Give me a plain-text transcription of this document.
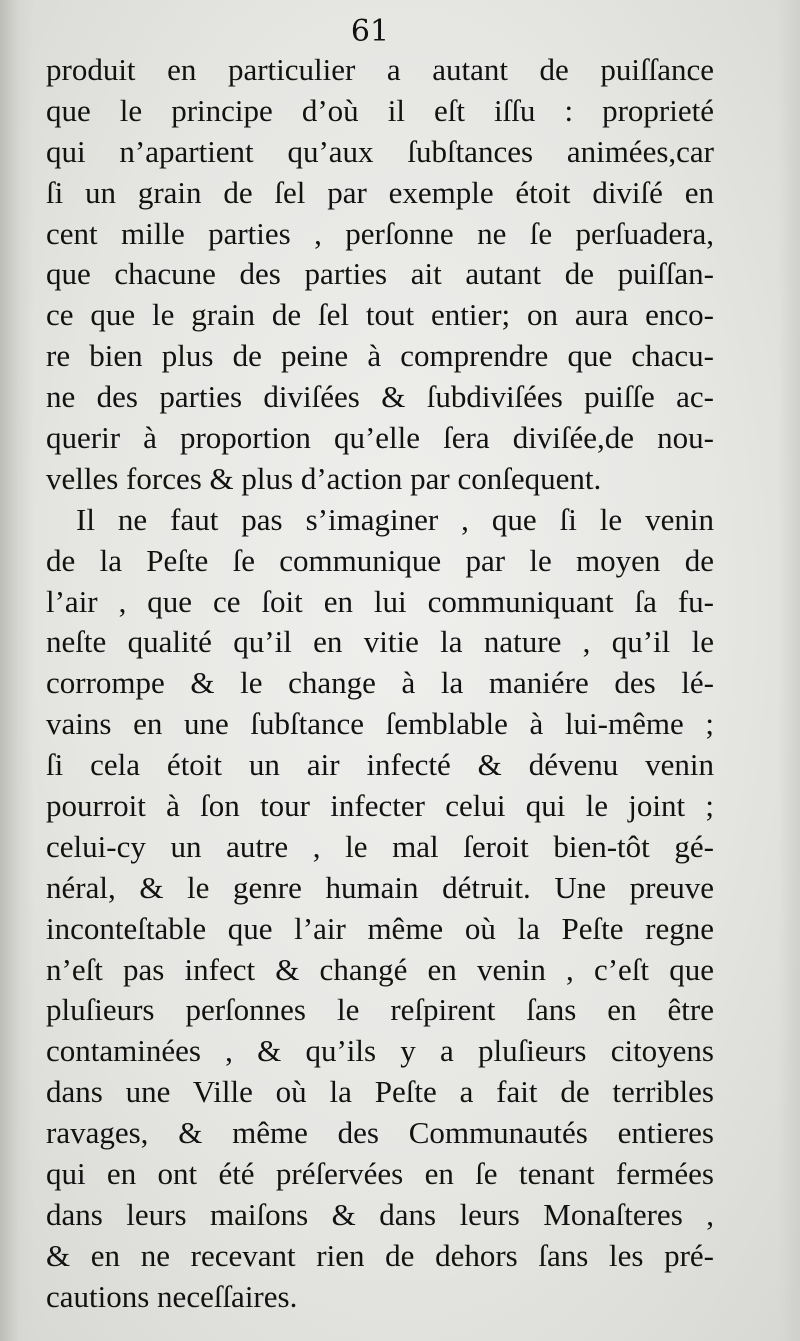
61
produit en particulier a autant de puiſſance
que le principe d’où il eſt iſſu : proprieté
qui n’apartient qu’aux ſubſtances animées,car
ſi un grain de ſel par exemple étoit diviſé en
cent mille parties , perſonne ne ſe perſuadera,
que chacune des parties ait autant de puiſſan-
ce que le grain de ſel tout entier; on aura enco-
re bien plus de peine à comprendre que chacu-
ne des parties diviſées & ſubdiviſées puiſſe ac-
querir à proportion qu’elle ſera diviſée,de nou-
velles forces & plus d’action par conſequent.
Il ne faut pas s’imaginer , que ſi le venin
de la Peſte ſe communique par le moyen de
l’air , que ce ſoit en lui communiquant ſa fu-
neſte qualité qu’il en vitie la nature , qu’il le
corrompe & le change à la maniére des lé-
vains en une ſubſtance ſemblable à lui-même ;
ſi cela étoit un air infecté & dévenu venin
pourroit à ſon tour infecter celui qui le joint ;
celui-cy un autre , le mal ſeroit bien-tôt gé-
néral, & le genre humain détruit. Une preuve
inconteſtable que l’air même où la Peſte regne
n’eſt pas infect & changé en venin , c’eſt que
pluſieurs perſonnes le reſpirent ſans en être
contaminées , & qu’ils y a pluſieurs citoyens
dans une Ville où la Peſte a fait de terribles
ravages, & même des Communautés entieres
qui en ont été préſervées en ſe tenant fermées
dans leurs maiſons & dans leurs Monaſteres ,
& en ne recevant rien de dehors ſans les pré-
cautions neceſſaires.
